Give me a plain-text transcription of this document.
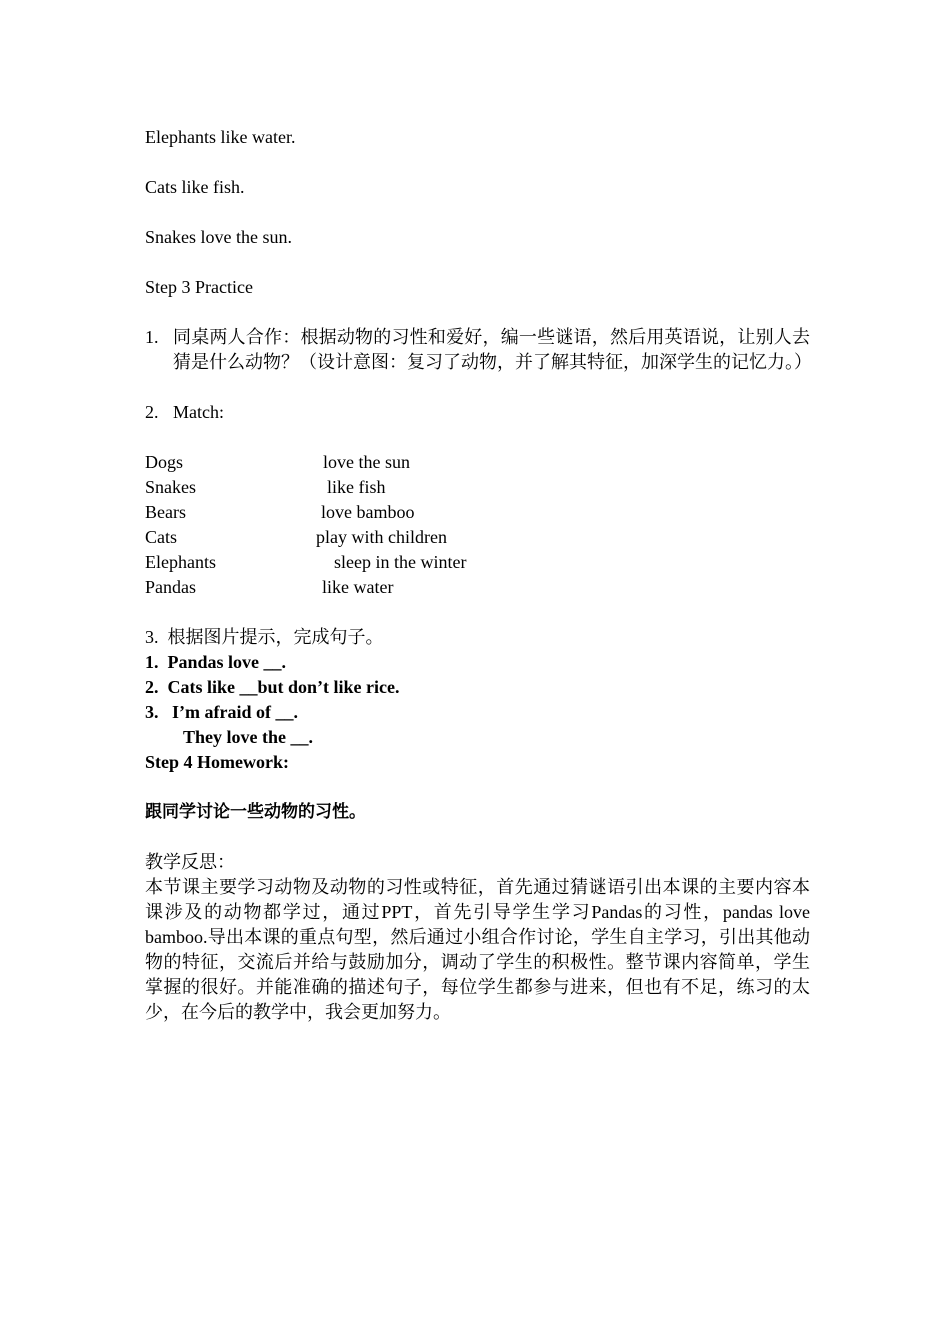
Elephants like water.
Cats like fish.
Snakes love the sun.
Step 3 Practice
1. 同桌两人合作：根据动物的习性和爱好，编一些谜语，然后用英语说，让别人去猜是什么动物？（设计意图：复习了动物，并了解其特征，加深学生的记忆力。）
2. Match:
Dogs	love the sun
Snakes	like fish
Bears	love bamboo
Cats	play with children
Elephants	sleep in the winter
Pandas	like water
3.  根据图片提示，完成句子。
1.  Pandas love __.
2.  Cats like __but don’t like rice.
3.   I’m afraid of __.
They love the __.
Step 4 Homework:
跟同学讨论一些动物的习性。
教学反思：
本节课主要学习动物及动物的习性或特征，首先通过猜谜语引出本课的主要内容本课涉及的动物都学过，通过PPT，首先引导学生学习Pandas的习性，pandas love bamboo.导出本课的重点句型，然后通过小组合作讨论，学生自主学习，引出其他动物的特征，交流后并给与鼓励加分，调动了学生的积极性。整节课内容简单，学生掌握的很好。并能准确的描述句子，每位学生都参与进来，但也有不足，练习的太少，在今后的教学中，我会更加努力。
